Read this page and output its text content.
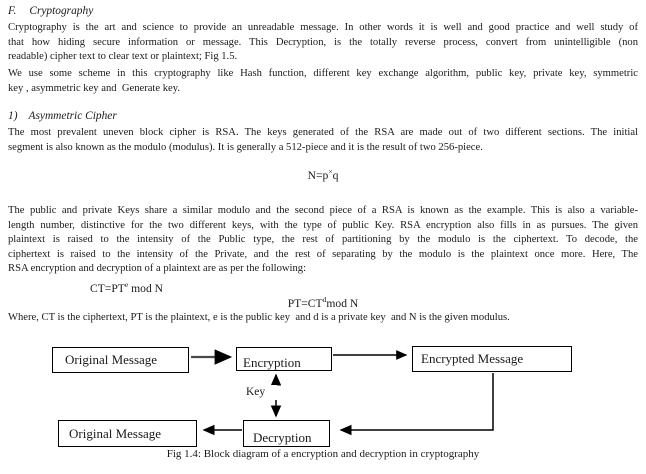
F. Cryptography
Cryptography is the art and science to provide an unreadable message. In other words it is well and good practice and well study of
that how hiding secure information or message. This Decryption, is the totally reverse process, convert from unintelligible (non
readable) cipher text to clear text or plaintext; Fig 1.5.
We use some scheme in this cryptography like Hash function, different key exchange algorithm, public key, private key, symmetric
key , asymmetric key and  Generate key.
1) Asymmetric Cipher
The most prevalent uneven block cipher is RSA. The keys generated of the RSA are made out of two different sections. The initial
segment is also known as the modulo (modulus). It is generally a 512-piece and it is the result of two 256-piece.
N=p×q
The public and private Keys share a similar modulo and the second piece of a RSA is known as the example. This is also a variable-
length number, distinctive for the two different keys, with the type of public Key. RSA encryption also fills in as pursues. The given
plaintext is raised to the intensity of the Public type, the rest of partitioning by the modulo is the ciphertext. To decode, the
ciphertext is raised to the intensity of the Private, and the rest of separating by the modulo is the plaintext once more. Here, The
RSA encryption and decryption of a plaintext are as per the following:
$CT=PT^e$ mod N
$PT=CT^dmod$ N
Where, CT is the ciphertext, PT is the plaintext, e is the public key  and d is a private key  and N is the given modulus.
Original Message	Encryption	Encrypted Message
Original Message	Decryption
Key
Fig 1.4: Block diagram of a encryption and decryption in cryptography
